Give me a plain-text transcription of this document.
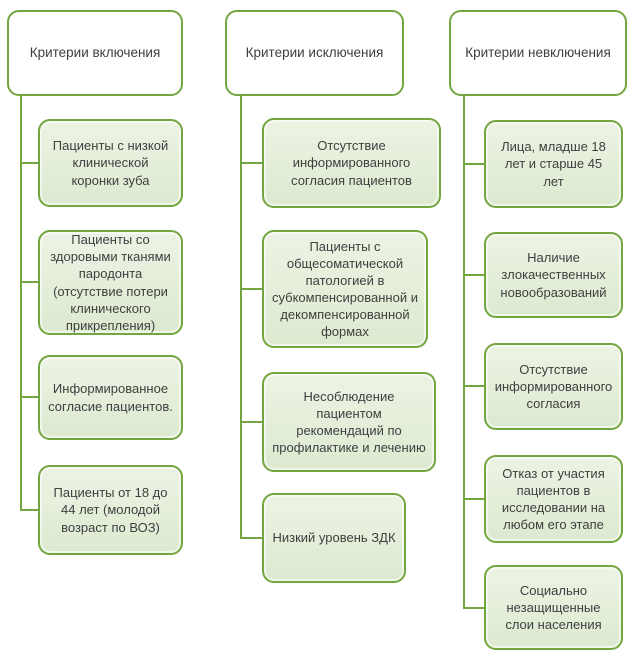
Критерии включения
Пациенты с низкой клинической коронки зуба
Пациенты со здоровыми тканями пародонта (отсутствие потери клинического прикрепления)
Информированное согласие пациентов.
Пациенты от 18 до 44 лет (молодой возраст по ВОЗ)
Критерии исключения
Отсутствие информированного согласия пациентов
Пациенты с общесоматической патологией в субкомпенсированной и декомпенсированной формах
Несоблюдение пациентом рекомендаций по профилактике и лечению
Низкий уровень ЗДК
Критерии невключения
Лица, младше 18 лет и старше 45 лет
Наличие злокачественных новообразований
Отсутствие информированного согласия
Отказ от участия пациентов в исследовании на любом его этапе
Социально незащищенные слои населения
